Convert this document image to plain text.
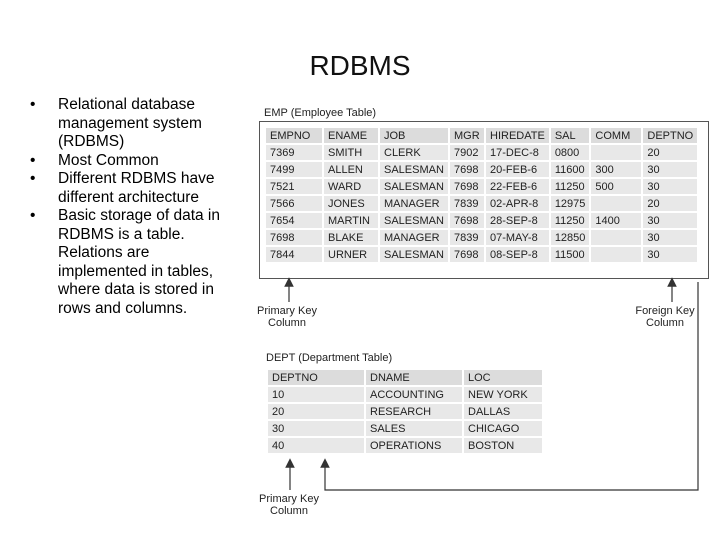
RDBMS
• Relational database management system (RDBMS)
• Most Common
• Different RDBMS have different architecture
• Basic storage of data in RDBMS is a table. Relations are implemented in tables, where data is stored in rows and columns.
EMP (Employee Table)
EMPNO	ENAME	JOB	MGR	HIREDATE	SAL	COMM	DEPTNO
7369	SMITH	CLERK	7902	17-DEC-8	0800		20
7499	ALLEN	SALESMAN	7698	20-FEB-6	11600	300	30
7521	WARD	SALESMAN	7698	22-FEB-6	11250	500	30
7566	JONES	MANAGER	7839	02-APR-8	12975		20
7654	MARTIN	SALESMAN	7698	28-SEP-8	11250	1400	30
7698	BLAKE	MANAGER	7839	07-MAY-8	12850		30
7844	URNER	SALESMAN	7698	08-SEP-8	11500		30
DEPT (Department Table)
DEPTNO	DNAME	LOC
10	ACCOUNTING	NEW YORK
20	RESEARCH	DALLAS
30	SALES	CHICAGO
40	OPERATIONS	BOSTON
Primary Key
Column
Foreign Key
Column
Primary Key
Column
